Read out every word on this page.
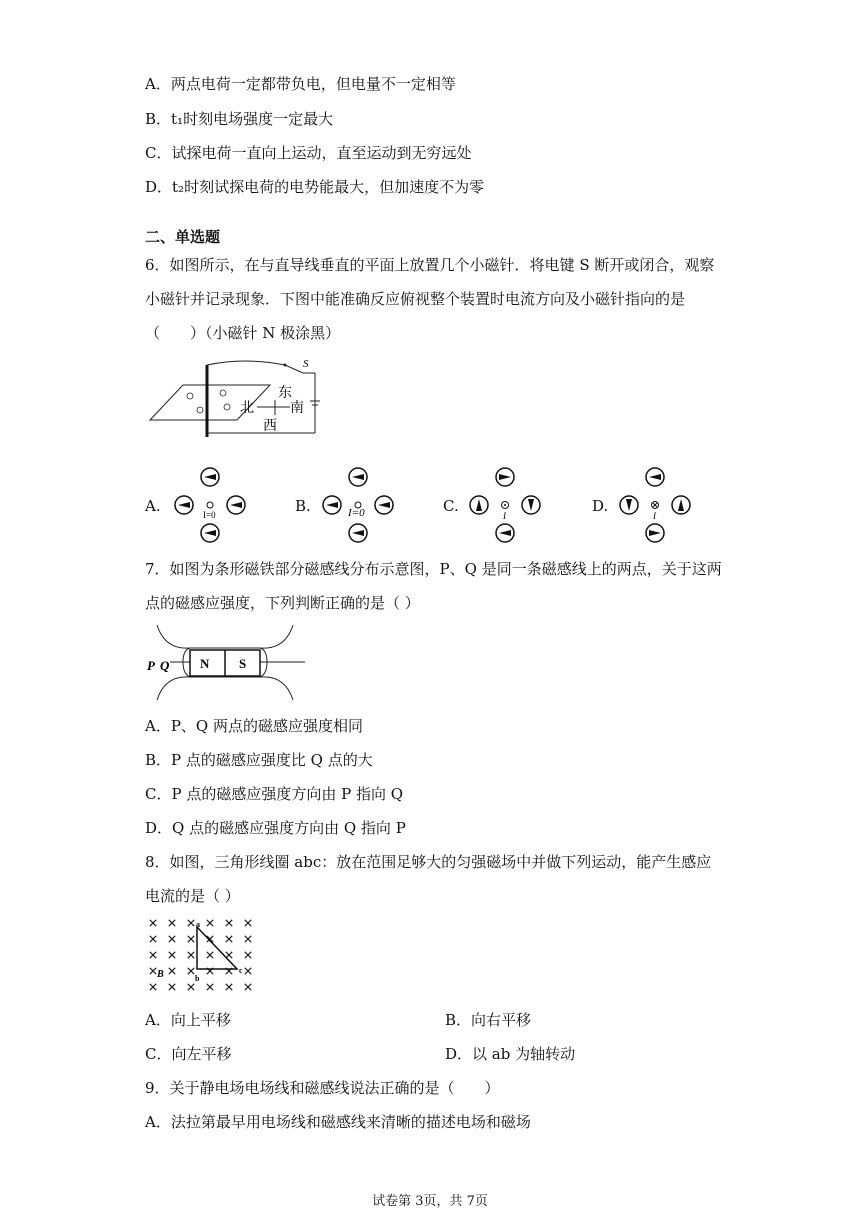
A．两点电荷一定都带负电，但电量不一定相等
B．t₁时刻电场强度一定最大
C．试探电荷一直向上运动，直至运动到无穷远处
D．t₂时刻试探电荷的电势能最大，但加速度不为零
二、单选题
6．如图所示，在与直导线垂直的平面上放置几个小磁针．将电键 S 断开或闭合，观察
小磁针并记录现象．下图中能准确反应俯视整个装置时电流方向及小磁针指向的是
（　　）（小磁针 N 极涂黑）
S
东
北	南
西
A.	B.	C.	D.
I=0	I=0	I	I
7．如图为条形磁铁部分磁感线分布示意图，P、Q 是同一条磁感线上的两点，关于这两
点的磁感应强度，下列判断正确的是（ ）
N S
P Q
A．P、Q 两点的磁感应强度相同
B．P 点的磁感应强度比 Q 点的大
C．P 点的磁感应强度方向由 P 指向 Q
D．Q 点的磁感应强度方向由 Q 指向 P
8．如图，三角形线圈 abc：放在范围足够大的匀强磁场中并做下列运动，能产生感应
电流的是（ ）
a
b
c
B
A．向上平移	B．向右平移
C．向左平移	D．以 ab 为轴转动
9．关于静电场电场线和磁感线说法正确的是（　　）
A．法拉第最早用电场线和磁感线来清晰的描述电场和磁场
试卷第 3页，共 7页
